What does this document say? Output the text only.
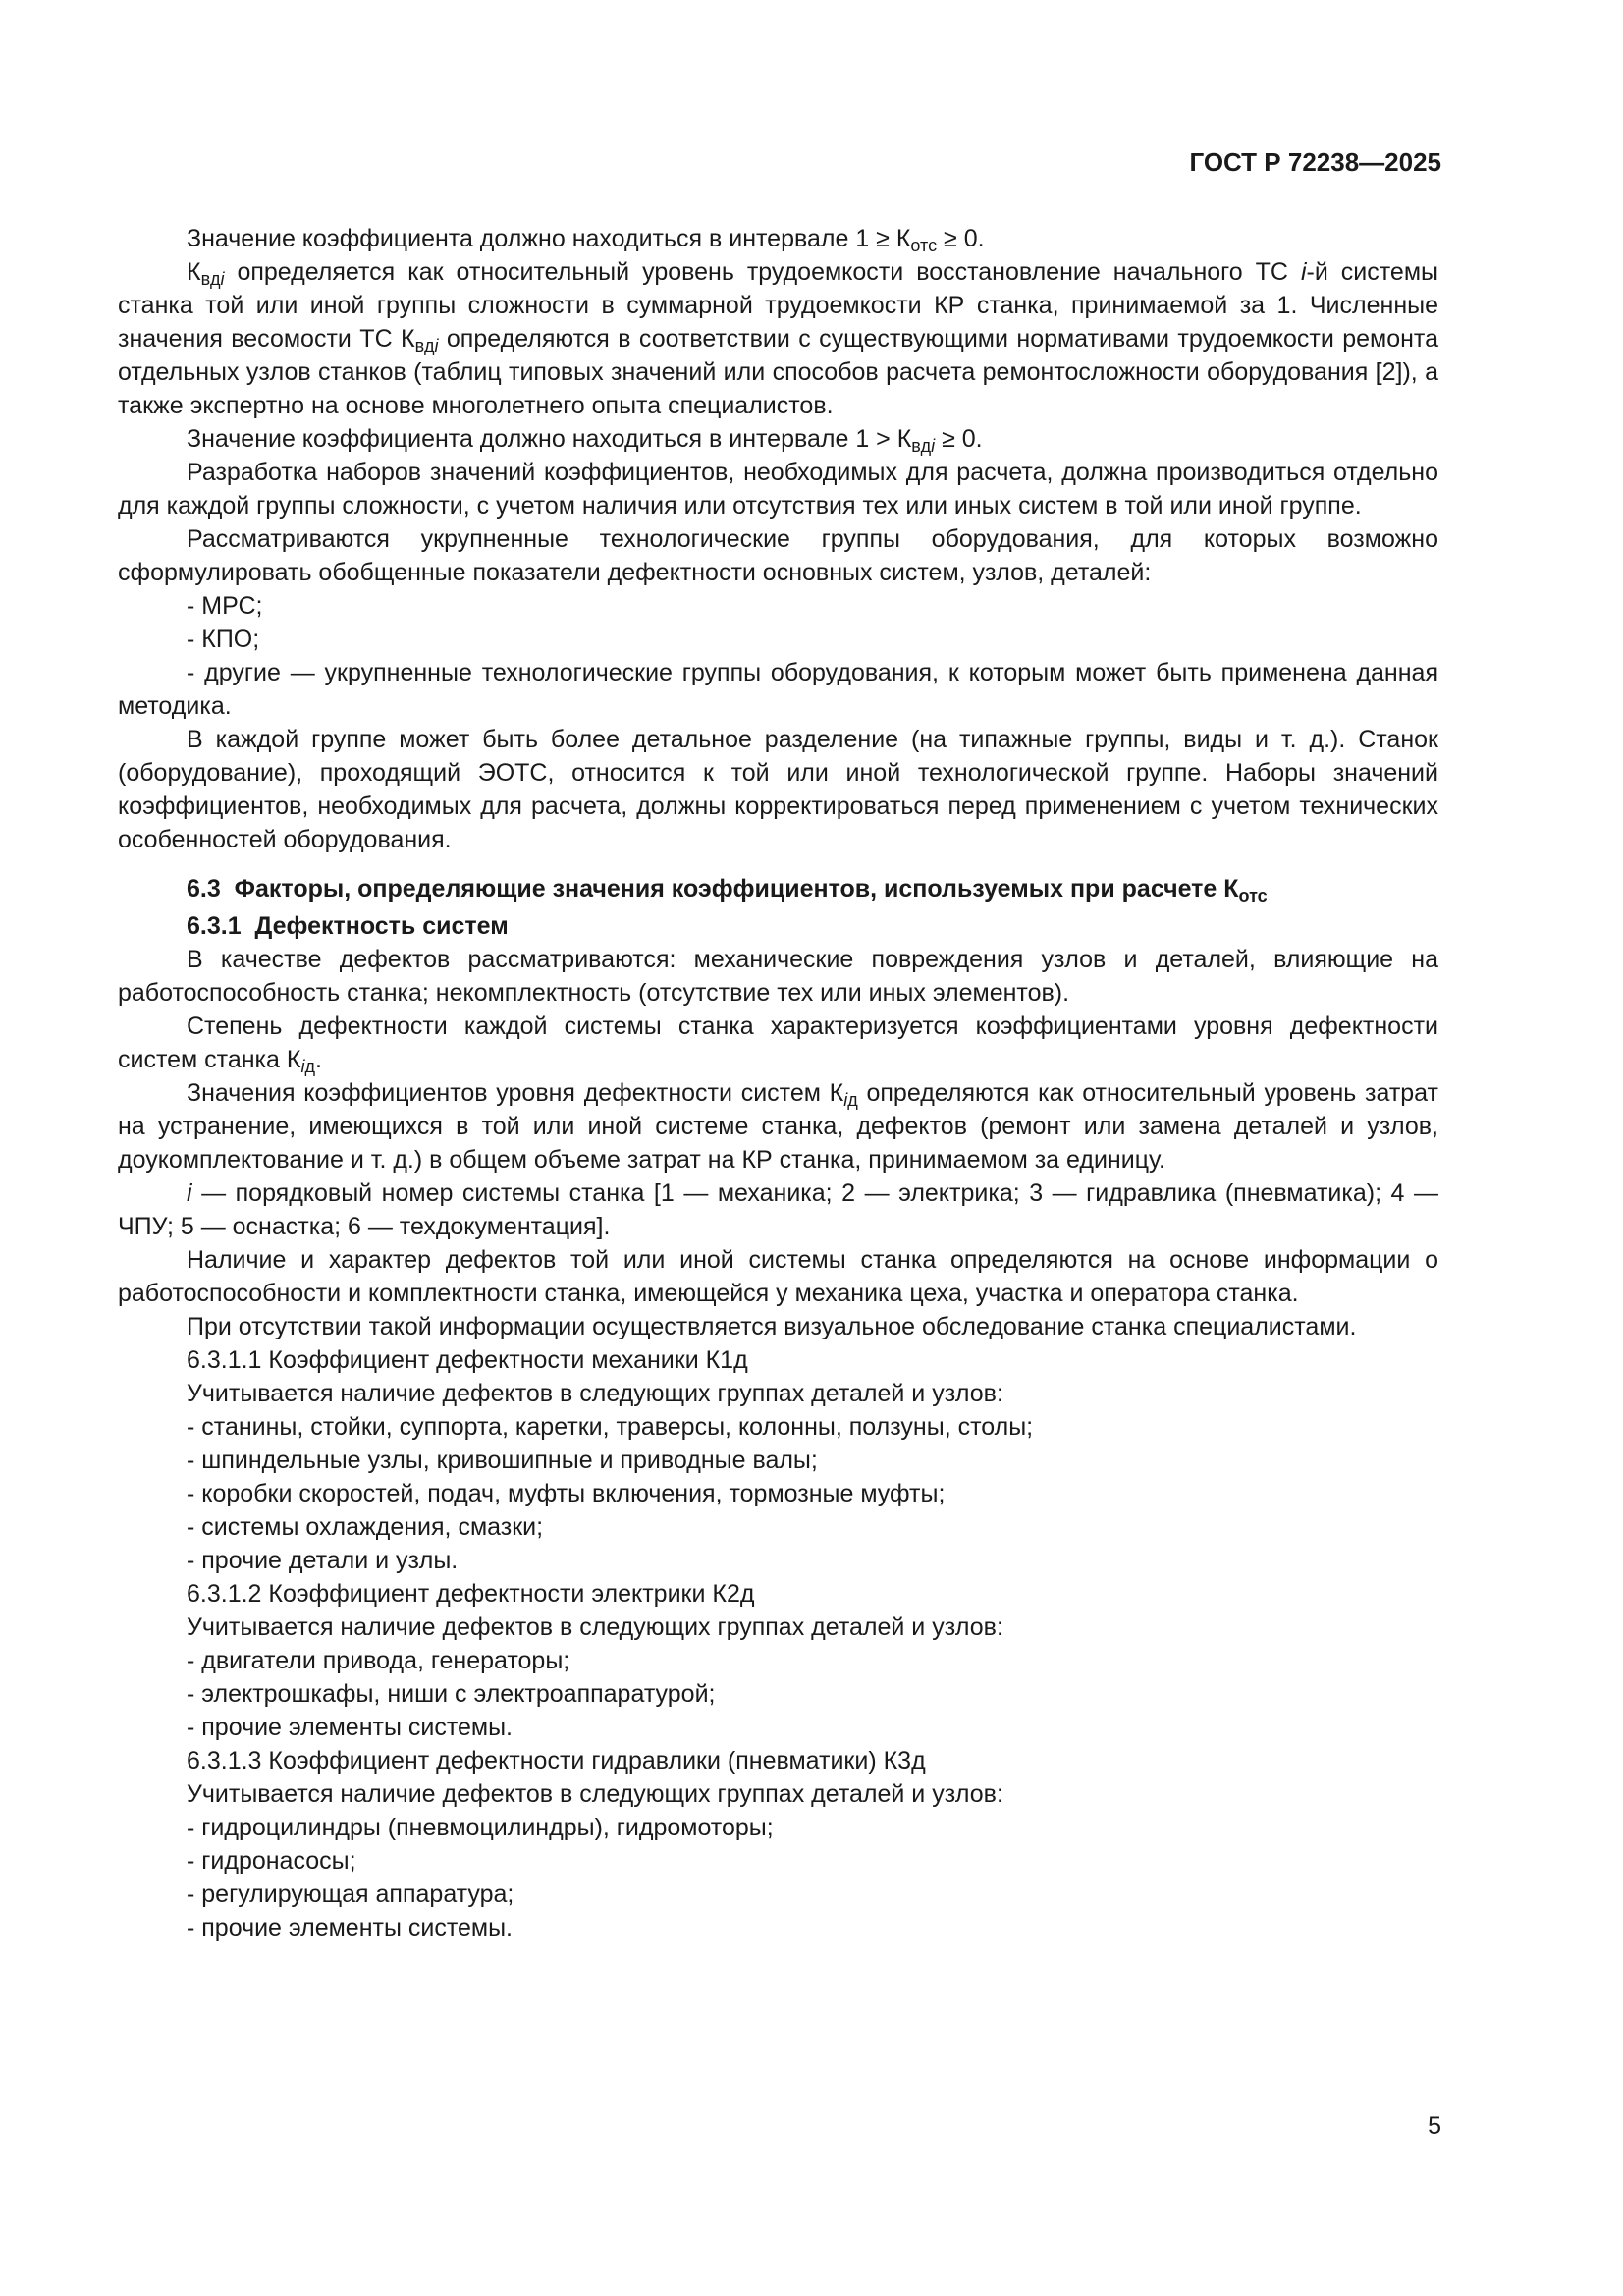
ГОСТ Р 72238—2025

Значение коэффициента должно находиться в интервале $1 \ge К_{отс} \ge 0$.

$К_{вдi}$ определяется как относительный уровень трудоемкости восстановление начального ТС i-й системы станка той или иной группы сложности в суммарной трудоемкости КР станка, принимаемой за 1. Численные значения весомости ТС $К_{вдi}$ определяются в соответствии с существующими нормативами трудоемкости ремонта отдельных узлов станков (таблиц типовых значений или способов расчета ремонтосложности оборудования [2]), а также экспертно на основе многолетнего опыта специалистов.

Значение коэффициента должно находиться в интервале $1 > К_{вдi} \ge 0$.

Разработка наборов значений коэффициентов, необходимых для расчета, должна производиться отдельно для каждой группы сложности, с учетом наличия или отсутствия тех или иных систем в той или иной группе.

Рассматриваются укрупненные технологические группы оборудования, для которых возможно сформулировать обобщенные показатели дефектности основных систем, узлов, деталей:

- МРС;

- КПО;

- другие — укрупненные технологические группы оборудования, к которым может быть применена данная методика.

В каждой группе может быть более детальное разделение (на типажные группы, виды и т. д.). Станок (оборудование), проходящий ЭОТС, относится к той или иной технологической группе. Наборы значений коэффициентов, необходимых для расчета, должны корректироваться перед применением с учетом технических особенностей оборудования.

6.3 Факторы, определяющие значения коэффициентов, используемых при расчете $К_{отс}$

6.3.1 Дефектность систем

В качестве дефектов рассматриваются: механические повреждения узлов и деталей, влияющие на работоспособность станка; некомплектность (отсутствие тех или иных элементов).

Степень дефектности каждой системы станка характеризуется коэффициентами уровня дефектности систем станка $К_{iд}$.

Значения коэффициентов уровня дефектности систем $К_{iд}$ определяются как относительный уровень затрат на устранение, имеющихся в той или иной системе станка, дефектов (ремонт или замена деталей и узлов, доукомплектование и т. д.) в общем объеме затрат на КР станка, принимаемом за единицу.

i — порядковый номер системы станка [1 — механика; 2 — электрика; 3 — гидравлика (пневматика); 4 — ЧПУ; 5 — оснастка; 6 — техдокументация].

Наличие и характер дефектов той или иной системы станка определяются на основе информации о работоспособности и комплектности станка, имеющейся у механика цеха, участка и оператора станка.

При отсутствии такой информации осуществляется визуальное обследование станка специалистами.

6.3.1.1 Коэффициент дефектности механики К1д

Учитывается наличие дефектов в следующих группах деталей и узлов:

- станины, стойки, суппорта, каретки, траверсы, колонны, ползуны, столы;

- шпиндельные узлы, кривошипные и приводные валы;

- коробки скоростей, подач, муфты включения, тормозные муфты;

- системы охлаждения, смазки;

- прочие детали и узлы.

6.3.1.2 Коэффициент дефектности электрики К2д

Учитывается наличие дефектов в следующих группах деталей и узлов:

- двигатели привода, генераторы;

- электрошкафы, ниши с электроаппаратурой;

- прочие элементы системы.

6.3.1.3 Коэффициент дефектности гидравлики (пневматики) К3д

Учитывается наличие дефектов в следующих группах деталей и узлов:

- гидроцилиндры (пневмоцилиндры), гидромоторы;

- гидронасосы;

- регулирующая аппаратура;

- прочие элементы системы.

5
